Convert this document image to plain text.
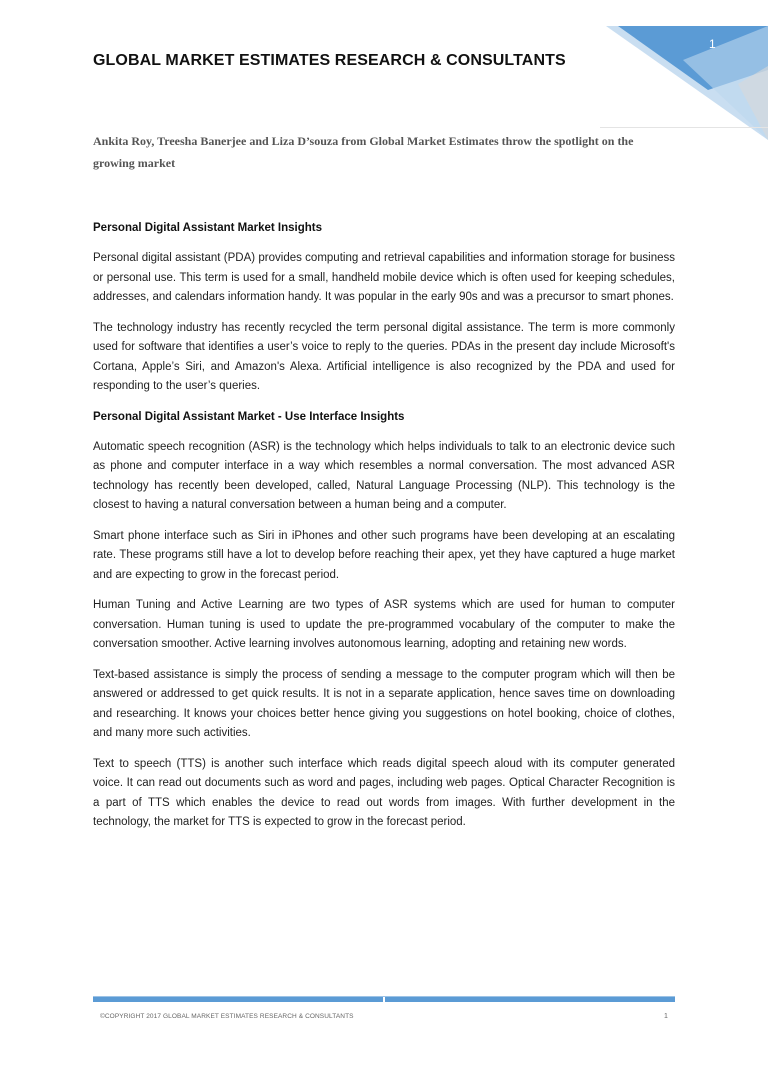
1
GLOBAL MARKET ESTIMATES RESEARCH & CONSULTANTS

Ankita Roy, Treesha Banerjee and Liza D’souza from Global Market Estimates throw the spotlight on the growing market

Personal Digital Assistant Market Insights

Personal digital assistant (PDA) provides computing and retrieval capabilities and information storage for business or personal use. This term is used for a small, handheld mobile device which is often used for keeping schedules, addresses, and calendars information handy. It was popular in the early 90s and was a precursor to smart phones.

The technology industry has recently recycled the term personal digital assistance. The term is more commonly used for software that identifies a user’s voice to reply to the queries. PDAs in the present day include Microsoft's Cortana, Apple’s Siri, and Amazon's Alexa. Artificial intelligence is also recognized by the PDA and used for responding to the user’s queries.

Personal Digital Assistant Market - Use Interface Insights

Automatic speech recognition (ASR) is the technology which helps individuals to talk to an electronic device such as phone and computer interface in a way which resembles a normal conversation. The most advanced ASR technology has recently been developed, called, Natural Language Processing (NLP). This technology is the closest to having a natural conversation between a human being and a computer.

Smart phone interface such as Siri in iPhones and other such programs have been developing at an escalating rate. These programs still have a lot to develop before reaching their apex, yet they have captured a huge market and are expecting to grow in the forecast period.

Human Tuning and Active Learning are two types of ASR systems which are used for human to computer conversation. Human tuning is used to update the pre-programmed vocabulary of the computer to make the conversation smoother. Active learning involves autonomous learning, adopting and retaining new words.

Text-based assistance is simply the process of sending a message to the computer program which will then be answered or addressed to get quick results. It is not in a separate application, hence saves time on downloading and researching. It knows your choices better hence giving you suggestions on hotel booking, choice of clothes, and many more such activities.

Text to speech (TTS) is another such interface which reads digital speech aloud with its computer generated voice. It can read out documents such as word and pages, including web pages. Optical Character Recognition is a part of TTS which enables the device to read out words from images. With further development in the technology, the market for TTS is expected to grow in the forecast period.

©COPYRIGHT 2017 GLOBAL MARKET ESTIMATES RESEARCH & CONSULTANTS	1
